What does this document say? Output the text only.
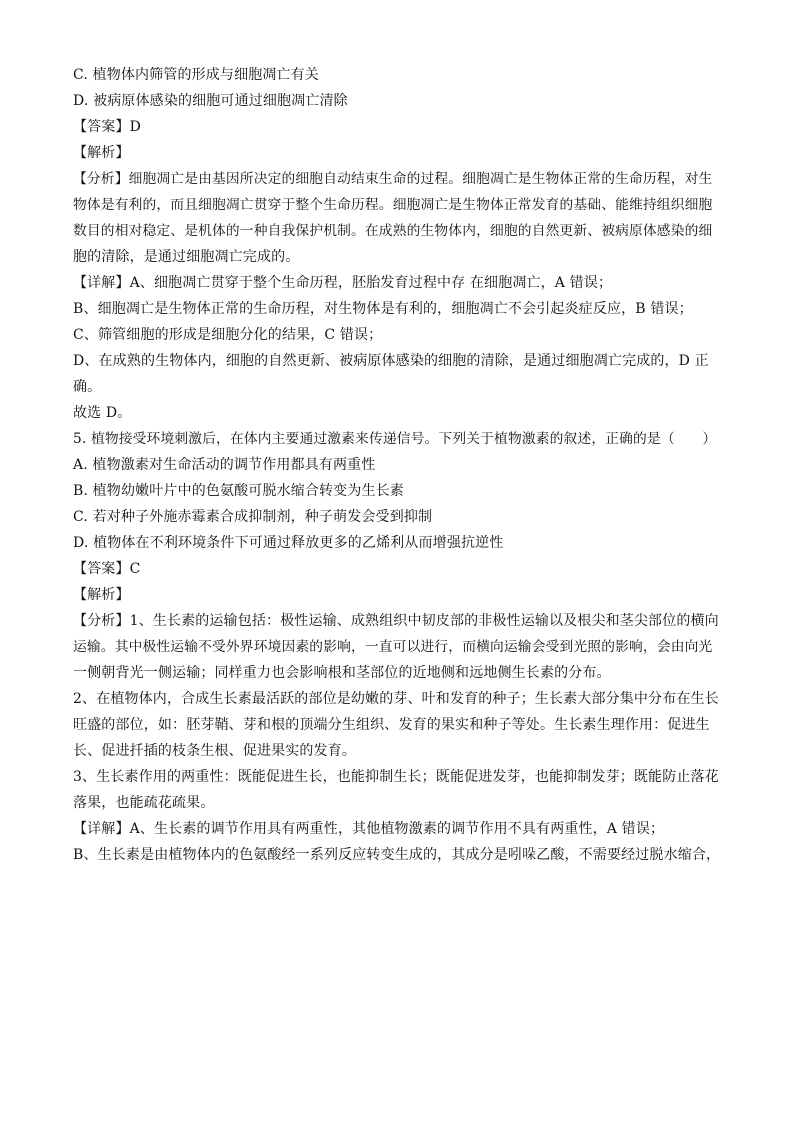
C. 植物体内筛管的形成与细胞凋亡有关

D. 被病原体感染的细胞可通过细胞凋亡清除

【答案】D

【解析】

【分析】细胞凋亡是由基因所决定的细胞自动结束生命的过程。细胞凋亡是生物体正常的生命历程，对生

物体是有利的，而且细胞凋亡贯穿于整个生命历程。细胞凋亡是生物体正常发育的基础、能维持组织细胞

数目的相对稳定、是机体的一种自我保护机制。在成熟的生物体内，细胞的自然更新、被病原体感染的细

胞的清除，是通过细胞凋亡完成的。

【详解】A、细胞凋亡贯穿于整个生命历程，胚胎发育过程中存 在细胞凋亡，A 错误；

B、细胞凋亡是生物体正常的生命历程，对生物体是有利的，细胞凋亡不会引起炎症反应，B 错误；

C、筛管细胞的形成是细胞分化的结果，C 错误；

D、在成熟的生物体内，细胞的自然更新、被病原体感染的细胞的清除，是通过细胞凋亡完成的，D 正

确。

故选 D。

5. 植物接受环境刺激后，在体内主要通过激素来传递信号。下列关于植物激素的叙述，正确的是（　　）

A. 植物激素对生命活动的调节作用都具有两重性

B. 植物幼嫩叶片中的色氨酸可脱水缩合转变为生长素

C. 若对种子外施赤霉素合成抑制剂，种子萌发会受到抑制

D. 植物体在不利环境条件下可通过释放更多的乙烯利从而增强抗逆性

【答案】C

【解析】

【分析】1、生长素的运输包括：极性运输、成熟组织中韧皮部的非极性运输以及根尖和茎尖部位的横向

运输。其中极性运输不受外界环境因素的影响，一直可以进行，而横向运输会受到光照的影响，会由向光

一侧朝背光一侧运输；同样重力也会影响根和茎部位的近地侧和远地侧生长素的分布。

2、在植物体内，合成生长素最活跃的部位是幼嫩的芽、叶和发育的种子；生长素大部分集中分布在生长

旺盛的部位，如：胚芽鞘、芽和根的顶端分生组织、发育的果实和种子等处。生长素生理作用：促进生

长、促进扦插的枝条生根、促进果实的发育。

3、生长素作用的两重性：既能促进生长，也能抑制生长；既能促进发芽，也能抑制发芽；既能防止落花

落果，也能疏花疏果。

【详解】A、生长素的调节作用具有两重性，其他植物激素的调节作用不具有两重性，A 错误；

B、生长素是由植物体内的色氨酸经一系列反应转变生成的，其成分是吲哚乙酸，不需要经过脱水缩合，
